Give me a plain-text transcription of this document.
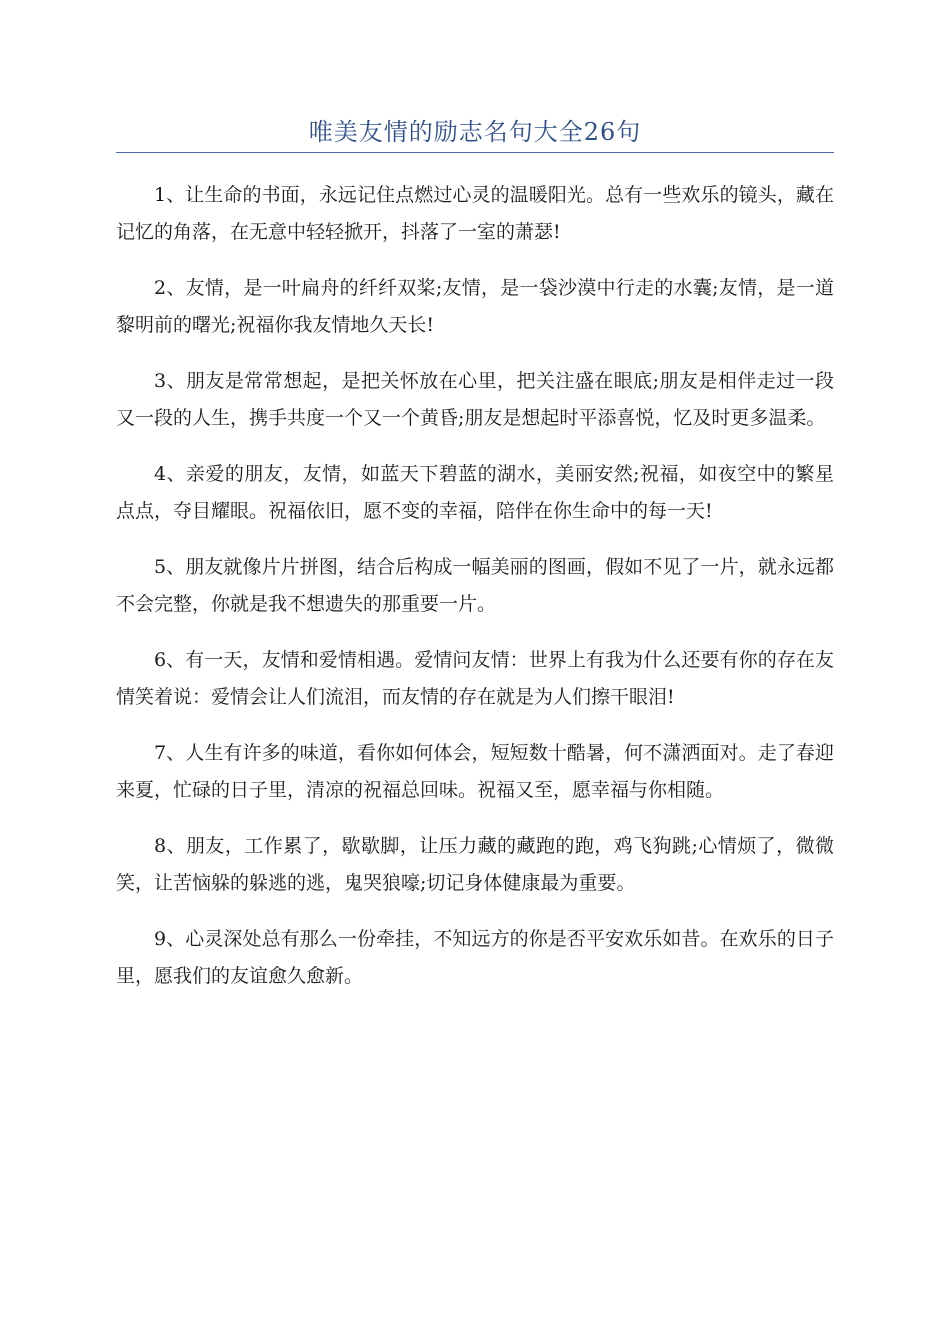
唯美友情的励志名句大全26句

1、让生命的书面，永远记住点燃过心灵的温暖阳光。总有一些欢乐的镜头，藏在记忆的角落，在无意中轻轻掀开，抖落了一室的萧瑟!

2、友情，是一叶扁舟的纤纤双桨;友情，是一袋沙漠中行走的水囊;友情，是一道黎明前的曙光;祝福你我友情地久天长!

3、朋友是常常想起，是把关怀放在心里，把关注盛在眼底;朋友是相伴走过一段又一段的人生，携手共度一个又一个黄昏;朋友是想起时平添喜悦，忆及时更多温柔。

4、亲爱的朋友，友情，如蓝天下碧蓝的湖水，美丽安然;祝福，如夜空中的繁星点点，夺目耀眼。祝福依旧，愿不变的幸福，陪伴在你生命中的每一天!

5、朋友就像片片拼图，结合后构成一幅美丽的图画，假如不见了一片，就永远都不会完整，你就是我不想遗失的那重要一片。

6、有一天，友情和爱情相遇。爱情问友情：世界上有我为什么还要有你的存在友情笑着说：爱情会让人们流泪，而友情的存在就是为人们擦干眼泪!

7、人生有许多的味道，看你如何体会，短短数十酷暑，何不潇洒面对。走了春迎来夏，忙碌的日子里，清凉的祝福总回味。祝福又至，愿幸福与你相随。

8、朋友，工作累了，歇歇脚，让压力藏的藏跑的跑，鸡飞狗跳;心情烦了，微微笑，让苦恼躲的躲逃的逃，鬼哭狼嚎;切记身体健康最为重要。

9、心灵深处总有那么一份牵挂，不知远方的你是否平安欢乐如昔。在欢乐的日子里，愿我们的友谊愈久愈新。
